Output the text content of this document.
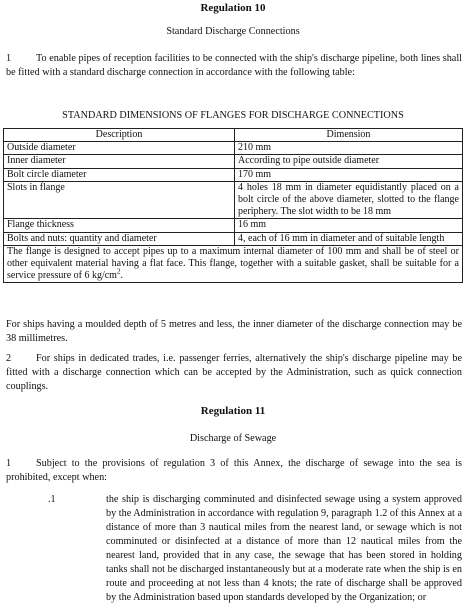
Regulation 10
Standard Discharge Connections
1 To enable pipes of reception facilities to be connected with the ship's discharge pipeline, both lines shall be fitted with a standard discharge connection in accordance with the following table:
STANDARD DIMENSIONS OF FLANGES FOR DISCHARGE CONNECTIONS
Description	Dimension
Outside diameter	210 mm
Inner diameter	According to pipe outside diameter
Bolt circle diameter	170 mm
Slots in flange	4 holes 18 mm in diameter equidistantly placed on a bolt circle of the above diameter, slotted to the flange periphery. The slot width to be 18 mm
Flange thickness	16 mm
Bolts and nuts: quantity and diameter	4, each of 16 mm in diameter and of suitable length
The flange is designed to accept pipes up to a maximum internal diameter of 100 mm and shall be of steel or other equivalent material having a flat face. This flange, together with a suitable gasket, shall be suitable for a service pressure of 6 $kg/cm^2$.	
For ships having a moulded depth of 5 metres and less, the inner diameter of the discharge connection may be 38 millimetres.
2 For ships in dedicated trades, i.e. passenger ferries, alternatively the ship's discharge pipeline may be fitted with a discharge connection which can be accepted by the Administration, such as quick connection couplings.
Regulation 11
Discharge of Sewage
1 Subject to the provisions of regulation 3 of this Annex, the discharge of sewage into the sea is prohibited, except when:
.1	the ship is discharging comminuted and disinfected sewage using a system approved by the Administration in accordance with regulation 9, paragraph 1.2 of this Annex at a distance of more than 3 nautical miles from the nearest land, or sewage which is not comminuted or disinfected at a distance of more than 12 nautical miles from the nearest land, provided that in any case, the sewage that has been stored in holding tanks shall not be discharged instantaneously but at a moderate rate when the ship is en route and proceeding at not less than 4 knots; the rate of discharge shall be approved by the Administration based upon standards developed by the Organization; or
